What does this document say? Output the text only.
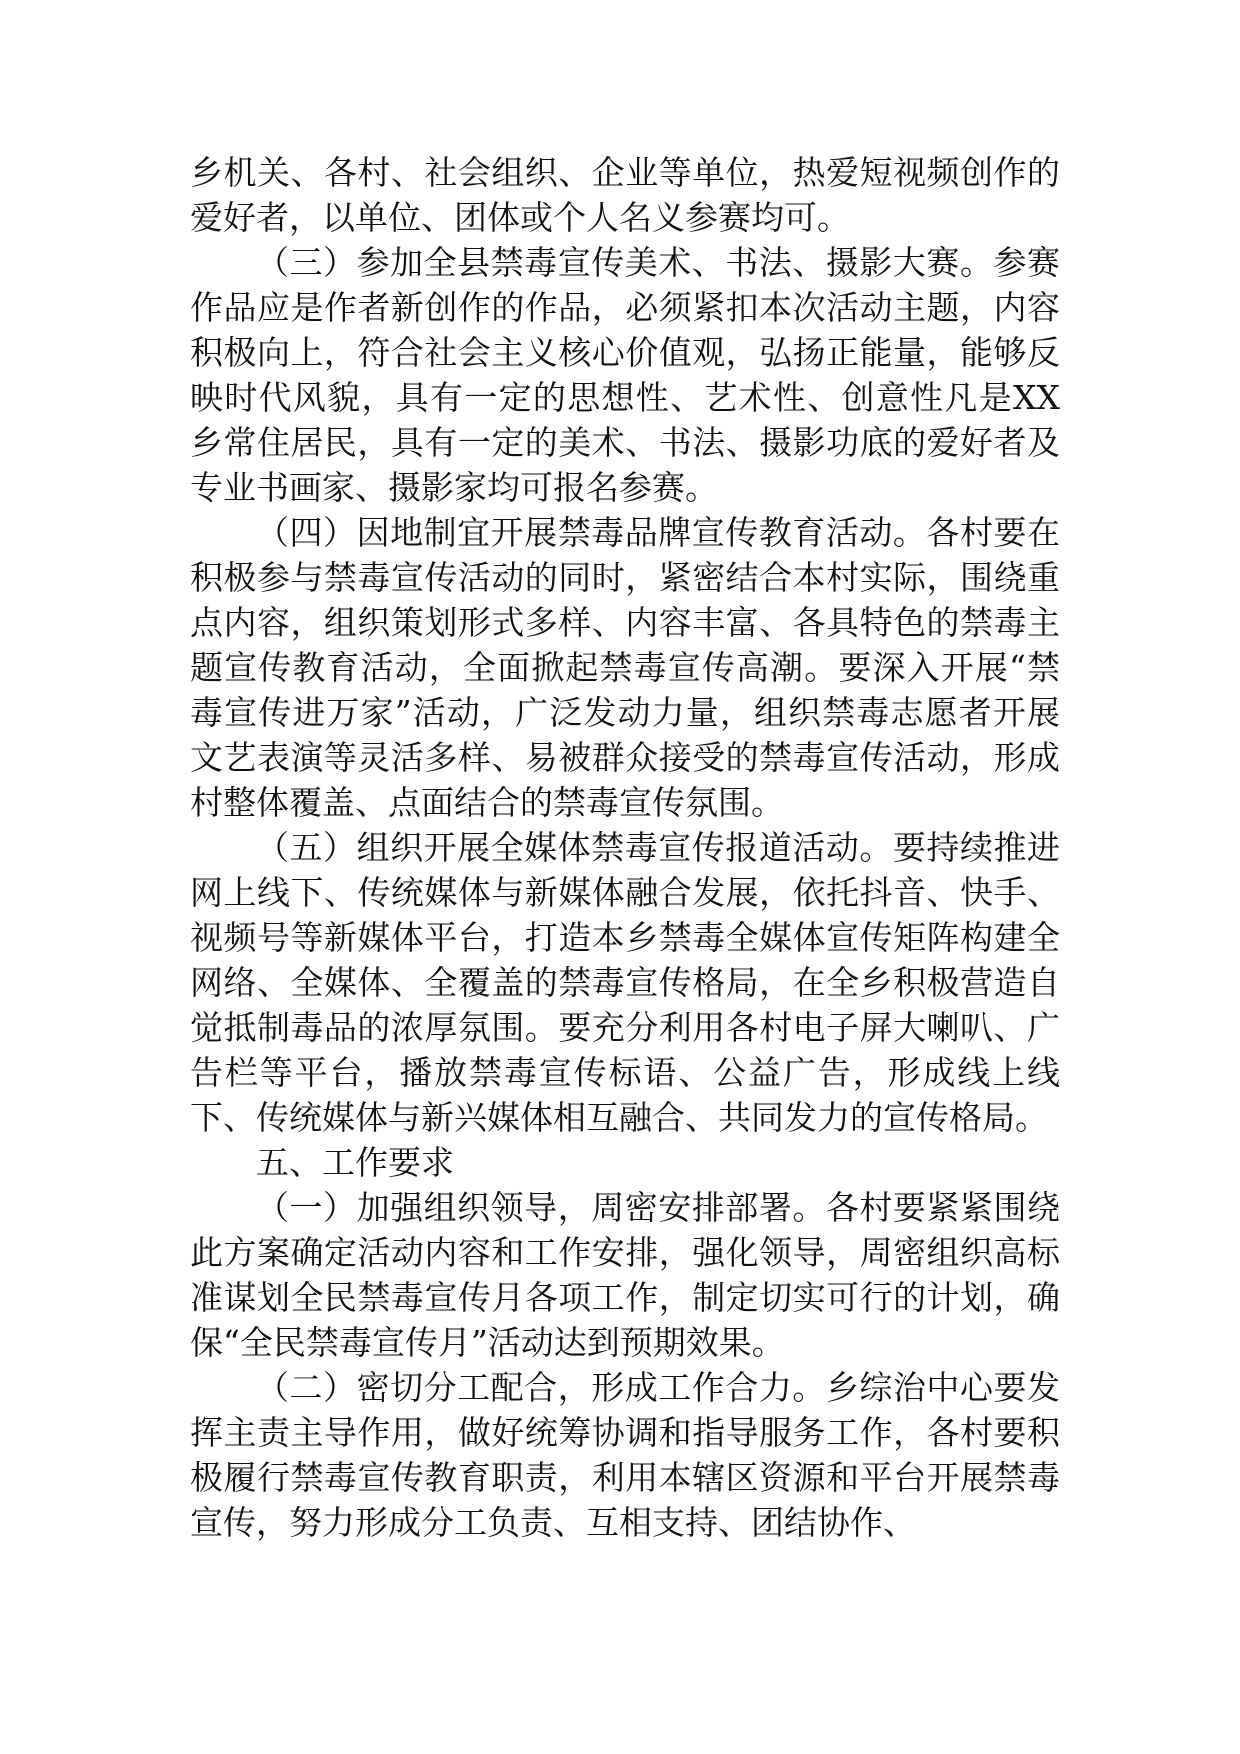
乡机关、各村、社会组织、企业等单位，热爱短视频创作的爱好者，以单位、团体或个人名义参赛均可。

（三）参加全县禁毒宣传美术、书法、摄影大赛。参赛作品应是作者新创作的作品，必须紧扣本次活动主题，内容积极向上，符合社会主义核心价值观，弘扬正能量，能够反映时代风貌，具有一定的思想性、艺术性、创意性凡是XX乡常住居民，具有一定的美术、书法、摄影功底的爱好者及专业书画家、摄影家均可报名参赛。

（四）因地制宜开展禁毒品牌宣传教育活动。各村要在积极参与禁毒宣传活动的同时，紧密结合本村实际，围绕重点内容，组织策划形式多样、内容丰富、各具特色的禁毒主题宣传教育活动，全面掀起禁毒宣传高潮。要深入开展“禁毒宣传进万家”活动，广泛发动力量，组织禁毒志愿者开展文艺表演等灵活多样、易被群众接受的禁毒宣传活动，形成村整体覆盖、点面结合的禁毒宣传氛围。

（五）组织开展全媒体禁毒宣传报道活动。要持续推进网上线下、传统媒体与新媒体融合发展，依托抖音、快手、视频号等新媒体平台，打造本乡禁毒全媒体宣传矩阵构建全网络、全媒体、全覆盖的禁毒宣传格局，在全乡积极营造自觉抵制毒品的浓厚氛围。要充分利用各村电子屏大喇叭、广告栏等平台，播放禁毒宣传标语、公益广告，形成线上线下、传统媒体与新兴媒体相互融合、共同发力的宣传格局。

五、工作要求

（一）加强组织领导，周密安排部署。各村要紧紧围绕此方案确定活动内容和工作安排，强化领导，周密组织高标准谋划全民禁毒宣传月各项工作，制定切实可行的计划，确保“全民禁毒宣传月”活动达到预期效果。

（二）密切分工配合，形成工作合力。乡综治中心要发挥主责主导作用，做好统筹协调和指导服务工作，各村要积极履行禁毒宣传教育职责，利用本辖区资源和平台开展禁毒宣传，努力形成分工负责、互相支持、团结协作、
